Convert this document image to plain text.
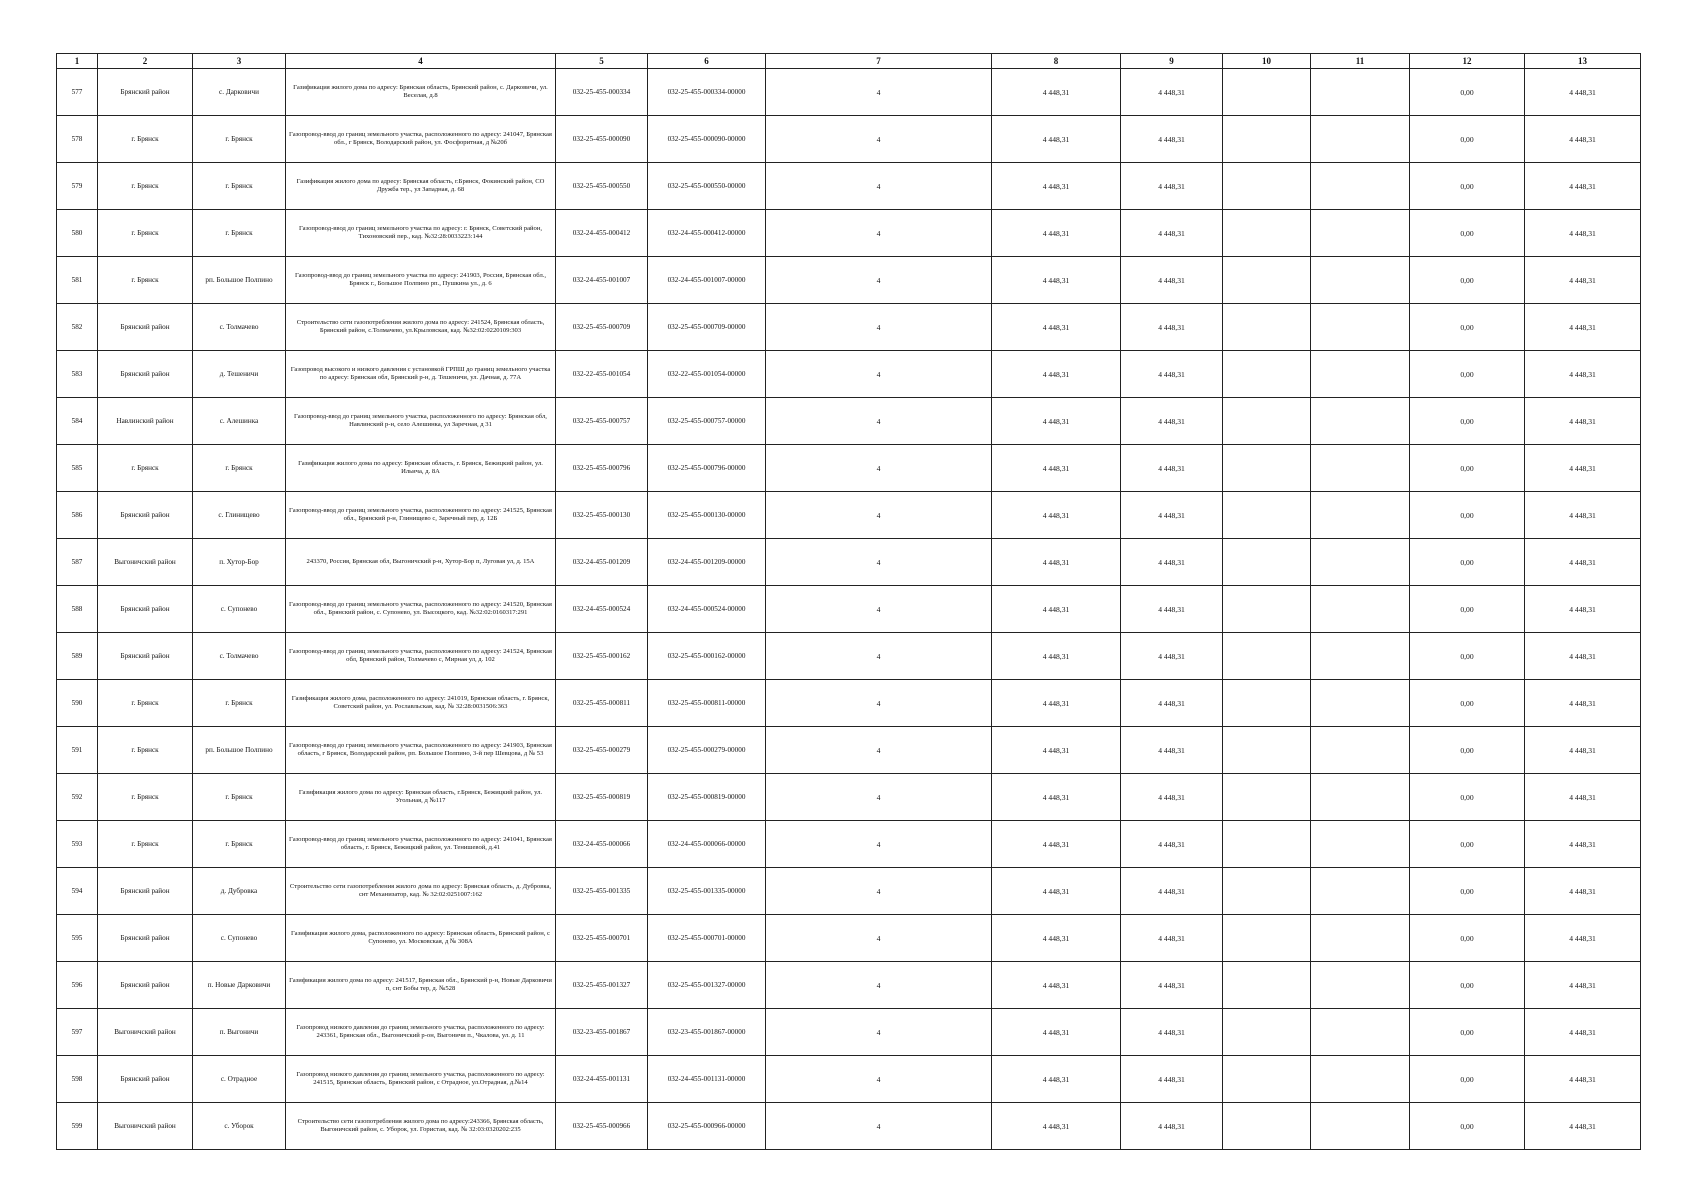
1	2	3	4	5	6	7	8	9	10	11	12	13
577	Брянский район	с. Дарковичи	Газификация жилого дома по адресу: Брянская область, Брянский район, с. Дарковичи, ул. Веселая, д.8	032-25-455-000334	032-25-455-000334-00000	4	4 448,31	4 448,31			0,00	4 448,31
578	г. Брянск	г. Брянск	Газопровод-ввод до границ земельного участка, расположенного по адресу: 241047, Брянская обл., г Брянск, Володарский район, ул. Фосфоритная, д №20б	032-25-455-000090	032-25-455-000090-00000	4	4 448,31	4 448,31			0,00	4 448,31
579	г. Брянск	г. Брянск	Газификация жилого дома по адресу: Брянская область, г.Брянск, Фокинский район, СО Дружба тер., ул Западная, д. 68	032-25-455-000550	032-25-455-000550-00000	4	4 448,31	4 448,31			0,00	4 448,31
580	г. Брянск	г. Брянск	Газопровод-ввод до границ земельного участка по адресу: г. Брянск, Советский район, Тихоновский пер., кад. №32:28:0033223:144	032-24-455-000412	032-24-455-000412-00000	4	4 448,31	4 448,31			0,00	4 448,31
581	г. Брянск	рп. Большое Полпино	Газопровод-ввод до границ земельного участка по адресу: 241903, Россия, Брянская обл., Брянск г., Большое Полпино рп., Пушкина ул., д. 6	032-24-455-001007	032-24-455-001007-00000	4	4 448,31	4 448,31			0,00	4 448,31
582	Брянский район	с. Толмачево	Строительство сети газопотребления жилого дома по адресу: 241524, Брянская область, Брянский район, с.Толмачево, ул.Крыловская, кад. №32:02:0220109:303	032-25-455-000709	032-25-455-000709-00000	4	4 448,31	4 448,31			0,00	4 448,31
583	Брянский район	д. Тешеничи	Газопровод высокого и низкого давления с установкой ГРПШ до границ земельного участка по адресу: Брянская обл, Брянский р-н, д. Тешеничи, ул. Дачная, д. 77А	032-22-455-001054	032-22-455-001054-00000	4	4 448,31	4 448,31			0,00	4 448,31
584	Навлинский район	с. Алешинка	Газопровод-ввод до границ земельного участка, расположенного по адресу: Брянская обл, Навлинский р-н, село Алешинка, ул Заречная, д 31	032-25-455-000757	032-25-455-000757-00000	4	4 448,31	4 448,31			0,00	4 448,31
585	г. Брянск	г. Брянск	Газификация жилого дома по адресу: Брянская область, г. Брянск, Бежицкий район, ул. Ильича, д. 8А	032-25-455-000796	032-25-455-000796-00000	4	4 448,31	4 448,31			0,00	4 448,31
586	Брянский район	с. Глинищево	Газопровод-ввод до границ земельного участка, расположенного по адресу: 241525, Брянская обл., Брянский р-н, Глинищево с, Заречный пер, д. 12Б	032-25-455-000130	032-25-455-000130-00000	4	4 448,31	4 448,31			0,00	4 448,31
587	Выгоничский район	п. Хутор-Бор	243370, Россия, Брянская обл, Выгоничский р-н, Хутор-Бор п, Луговая ул, д. 15А	032-24-455-001209	032-24-455-001209-00000	4	4 448,31	4 448,31			0,00	4 448,31
588	Брянский район	с. Супонево	Газопровод-ввод до границ земельного участка, расположенного по адресу: 241520, Брянская обл., Брянский район, с. Супонево, ул. Высоцкого, кад. №32:02:0160317:291	032-24-455-000524	032-24-455-000524-00000	4	4 448,31	4 448,31			0,00	4 448,31
589	Брянский район	с. Толмачево	Газопровод-ввод до границ земельного участка, расположенного по адресу: 241524, Брянская обл, Брянский район, Толмачево с, Мирная ул, д. 102	032-25-455-000162	032-25-455-000162-00000	4	4 448,31	4 448,31			0,00	4 448,31
590	г. Брянск	г. Брянск	Газификация жилого дома, расположенного по адресу: 241019, Брянская область, г. Брянск, Советский район, ул. Рославльская, кад. № 32:28:0031506:363	032-25-455-000811	032-25-455-000811-00000	4	4 448,31	4 448,31			0,00	4 448,31
591	г. Брянск	рп. Большое Полпино	Газопровод-ввод до границ земельного участка, расположенного по адресу: 241903, Брянская область, г Брянск, Володарский район, рп. Большое Полпино, 3-й пер Шевцова, д № 53	032-25-455-000279	032-25-455-000279-00000	4	4 448,31	4 448,31			0,00	4 448,31
592	г. Брянск	г. Брянск	Газификация жилого дома по адресу: Брянская область, г.Брянск, Бежицкий район, ул. Угольная, д №117	032-25-455-000819	032-25-455-000819-00000	4	4 448,31	4 448,31			0,00	4 448,31
593	г. Брянск	г. Брянск	Газопровод-ввод до границ земельного участка, расположенного по адресу: 241041, Брянская область, г. Брянск, Бежицкий район, ул. Тенишевой, д.41	032-24-455-000066	032-24-455-000066-00000	4	4 448,31	4 448,31			0,00	4 448,31
594	Брянский район	д. Дубровка	Строительство сети газопотребления жилого дома по адресу: Брянская область, д. Дубровка, снт Механизатор, кад. № 32:02:0251007:162	032-25-455-001335	032-25-455-001335-00000	4	4 448,31	4 448,31			0,00	4 448,31
595	Брянский район	с. Супонево	Газификация жилого дома, расположенного по адресу: Брянская область, Брянский район, с Супонево, ул. Московская, д № 308А	032-25-455-000701	032-25-455-000701-00000	4	4 448,31	4 448,31			0,00	4 448,31
596	Брянский район	п. Новые Дарковичи	Газификация жилого дома по адресу: 241517, Брянская обл., Брянский р-н, Новые Дарковичи п, снт Бобы тер, д. №528	032-25-455-001327	032-25-455-001327-00000	4	4 448,31	4 448,31			0,00	4 448,31
597	Выгоничский район	п. Выгоничи	Газопровод низкого давления до границ земельного участка, расположенного по адресу: 243361, Брянская обл., Выгоничский р-он, Выгоничи п., Чкалова, ул. д. 11	032-23-455-001867	032-23-455-001867-00000	4	4 448,31	4 448,31			0,00	4 448,31
598	Брянский район	с. Отрадное	Газопровод низкого давления до границ земельного участка, расположенного по адресу: 241515, Брянская область, Брянский район, с Отрадное, ул.Отрадная, д.№14	032-24-455-001131	032-24-455-001131-00000	4	4 448,31	4 448,31			0,00	4 448,31
599	Выгоничский район	с. Уборок	Строительство сети газопотребления жилого дома по адресу:243366, Брянская область, Выгоничский район, с. Уборок, ул. Гористая, кад. № 32:03:0320202:235	032-25-455-000966	032-25-455-000966-00000	4	4 448,31	4 448,31			0,00	4 448,31
